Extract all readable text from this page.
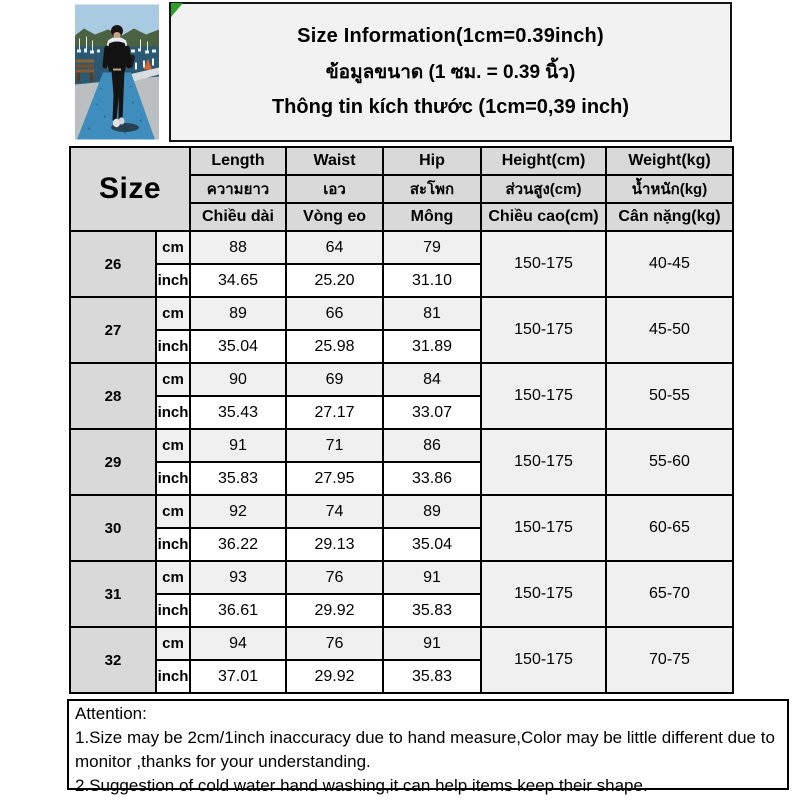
Size Information(1cm=0.39inch)
ข้อมูลขนาด (1 ซม. = 0.39 นิ้ว)
Thông tin kích thước (1cm=0,39 inch)
Size		Length	Waist	Hip	Height(cm)	Weight(kg)
		ความยาว	เอว	สะโพก	ส่วนสูง(cm)	น้ำหนัก(kg)
		Chiều dài	Vòng eo	Mông	Chiều cao(cm)	Cân nặng(kg)
26	cm	88	64	79	150-175	40-45
	inch	34.65	25.20	31.10		
27	cm	89	66	81	150-175	45-50
	inch	35.04	25.98	31.89		
28	cm	90	69	84	150-175	50-55
	inch	35.43	27.17	33.07		
29	cm	91	71	86	150-175	55-60
	inch	35.83	27.95	33.86		
30	cm	92	74	89	150-175	60-65
	inch	36.22	29.13	35.04		
31	cm	93	76	91	150-175	65-70
	inch	36.61	29.92	35.83		
32	cm	94	76	91	150-175	70-75
	inch	37.01	29.92	35.83		
Attention:
1.Size may be 2cm/1inch inaccuracy due to hand measure,Color may be little different due to monitor ,thanks for your understanding.
2.Suggestion of cold water hand washing,it can help items keep their shape.
